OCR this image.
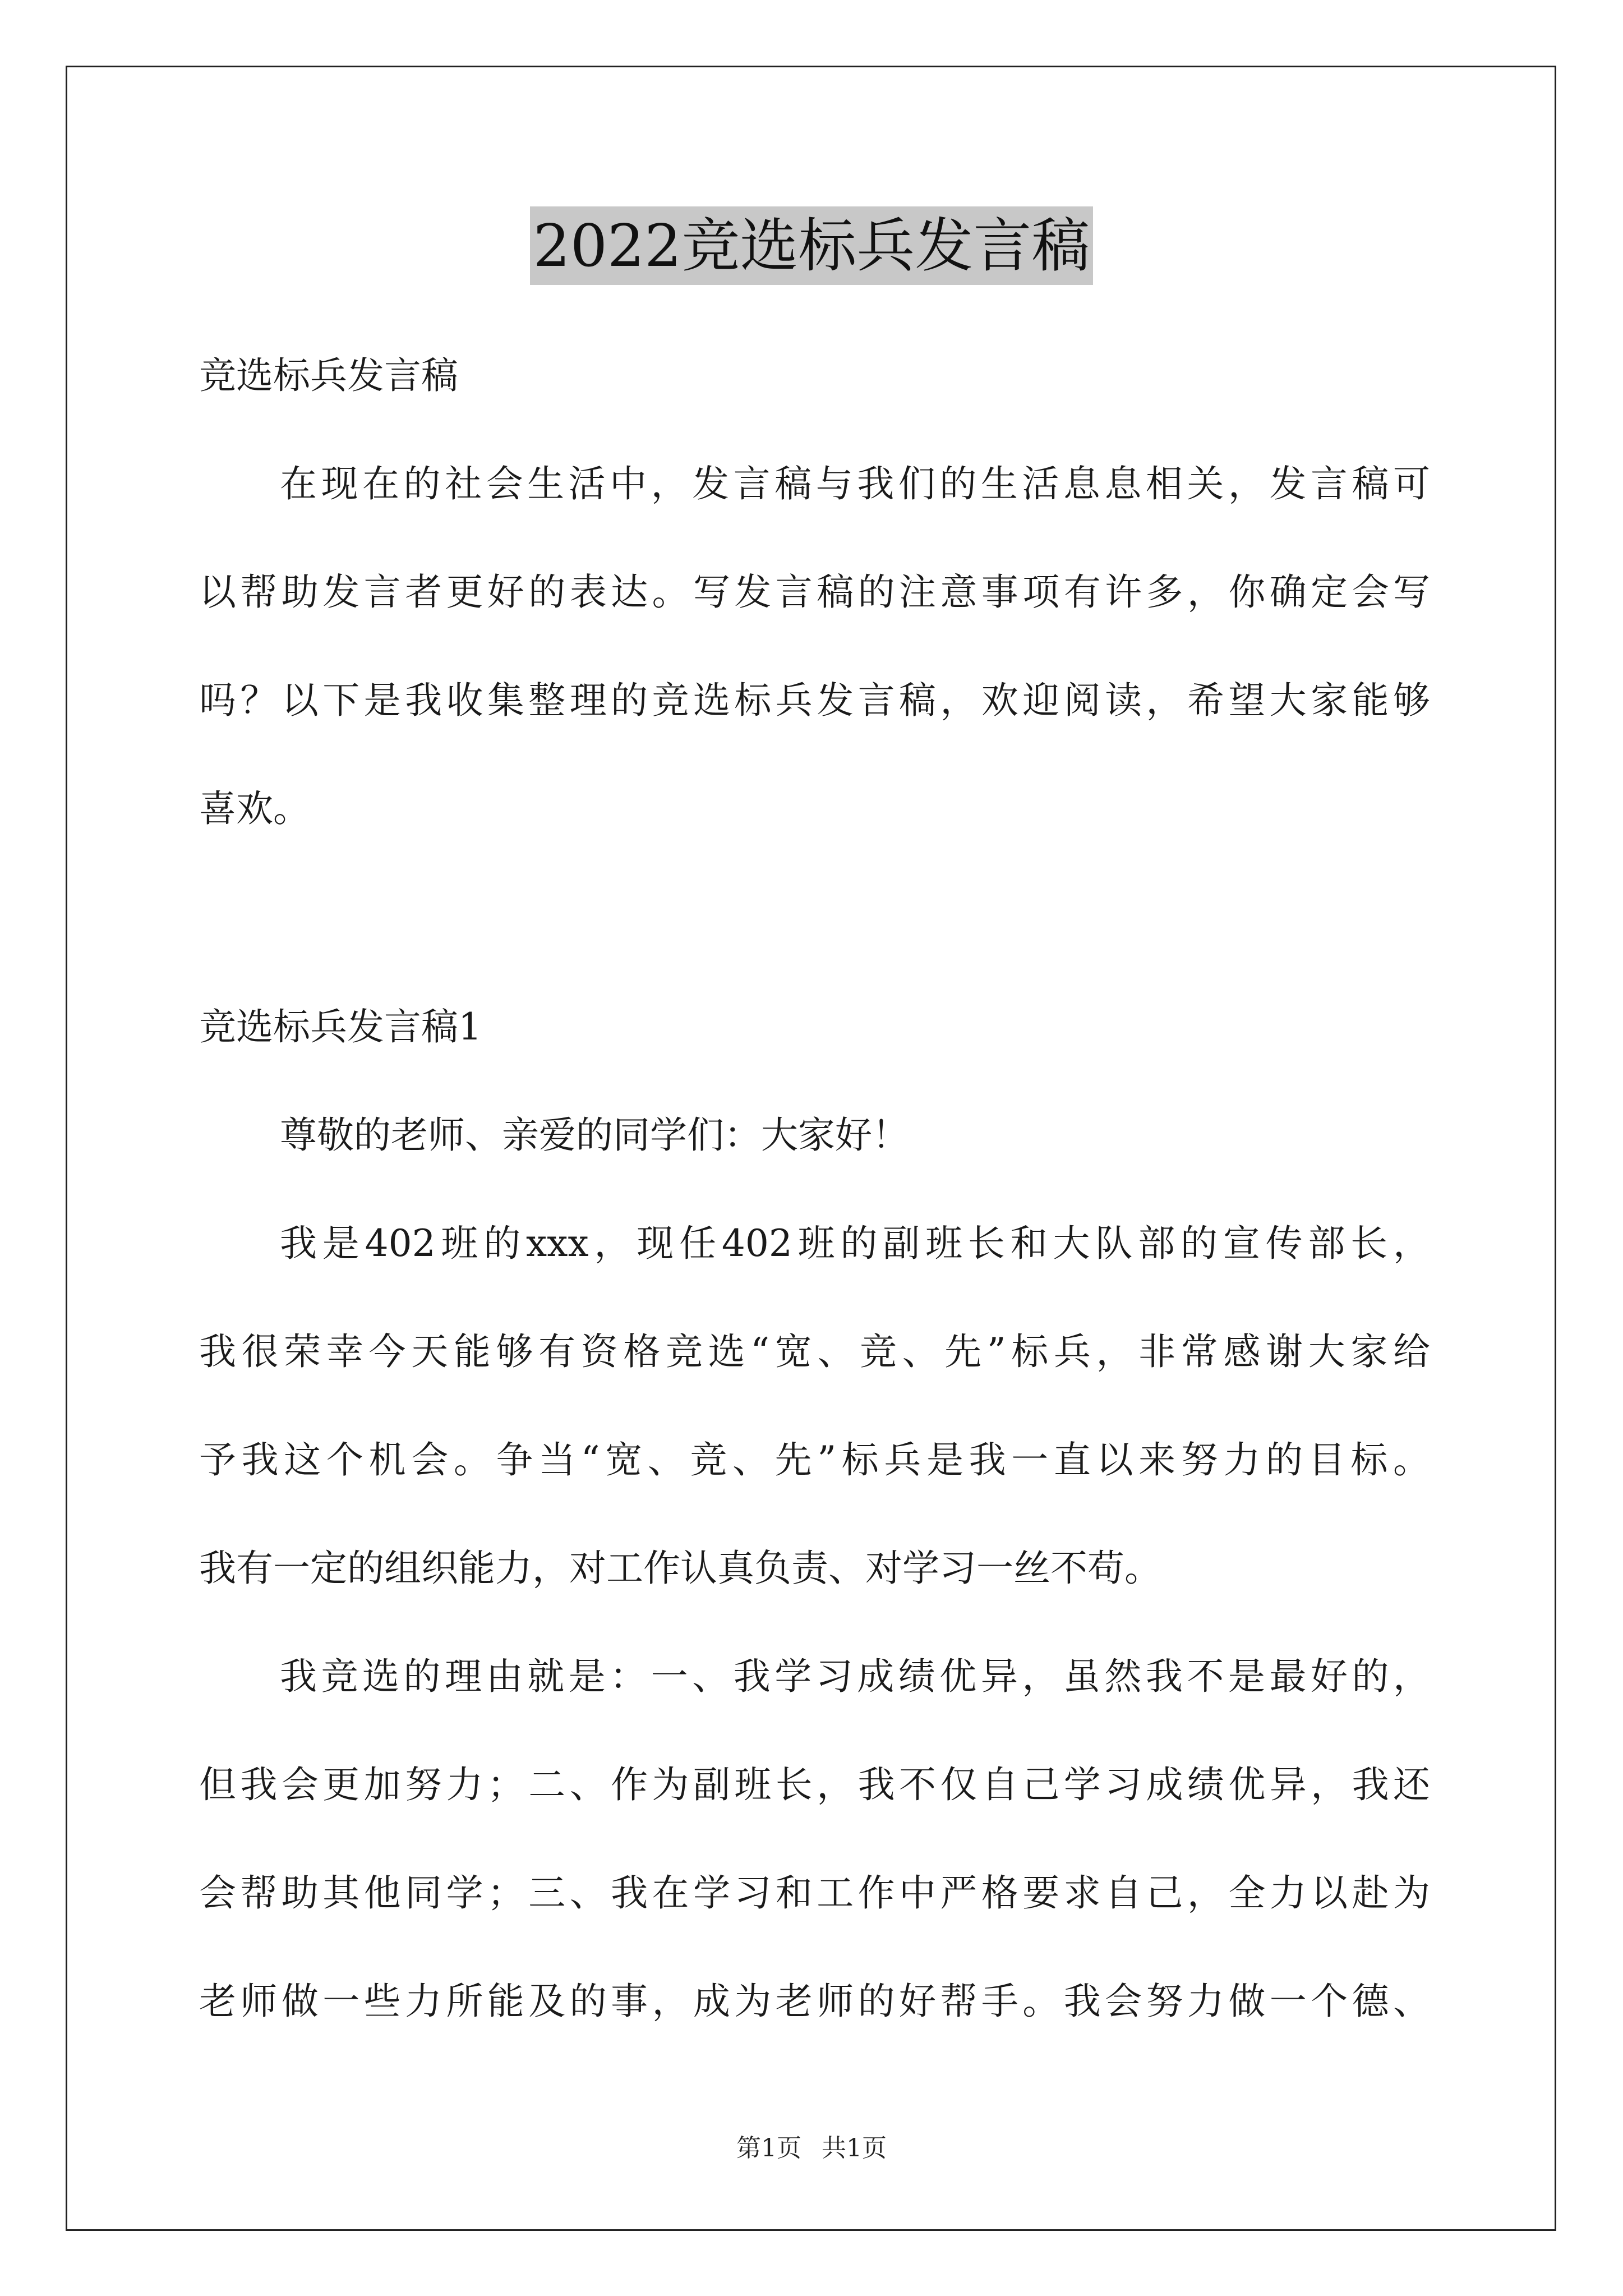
2022竞选标兵发言稿
竞选标兵发言稿
在现在的社会生活中，发言稿与我们的生活息息相关，发言稿可
以帮助发言者更好的表达。写发言稿的注意事项有许多，你确定会写
吗？以下是我收集整理的竞选标兵发言稿，欢迎阅读，希望大家能够
喜欢。
竞选标兵发言稿1
尊敬的老师、亲爱的同学们：大家好！
我是402班的xxx，现任402班的副班长和大队部的宣传部长，
我很荣幸今天能够有资格竞选“宽、竞、先”标兵，非常感谢大家给
予我这个机会。争当“宽、竞、先”标兵是我一直以来努力的目标。
我有一定的组织能力，对工作认真负责、对学习一丝不苟。
我竞选的理由就是：一、我学习成绩优异，虽然我不是最好的，
但我会更加努力；二、作为副班长，我不仅自己学习成绩优异，我还
会帮助其他同学；三、我在学习和工作中严格要求自己，全力以赴为
老师做一些力所能及的事，成为老师的好帮手。我会努力做一个德、
第1页 共1页
